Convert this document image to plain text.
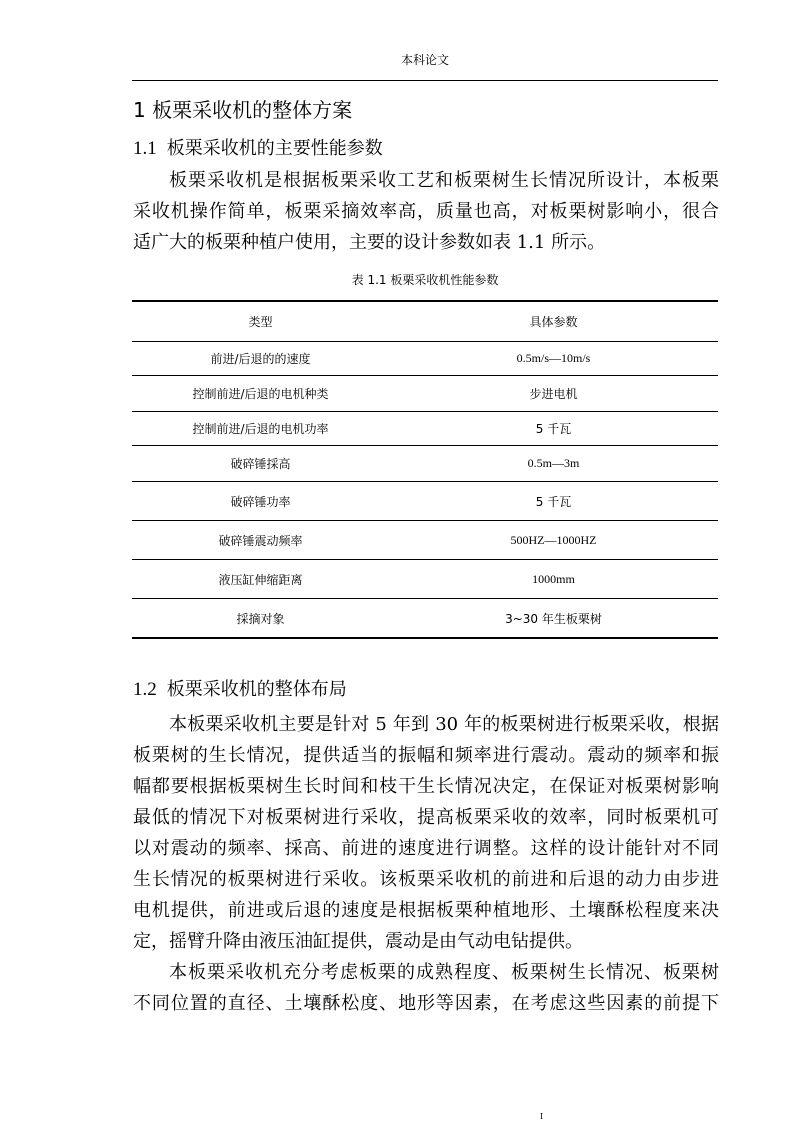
本科论文
1 板栗采收机的整体方案
1.1 板栗采收机的主要性能参数
板栗采收机是根据板栗采收工艺和板栗树生长情况所设计，本板栗
采收机操作简单，板栗采摘效率高，质量也高，对板栗树影响小，很合
适广大的板栗种植户使用，主要的设计参数如表 1.1 所示。
表 1.1 板栗采收机性能参数
类型	具体参数
前进/后退的的速度	0.5m/s—10m/s
控制前进/后退的电机种类	步进电机
控制前进/后退的电机功率	5 千瓦
破碎锤採高	0.5m—3m
破碎锤功率	5 千瓦
破碎锤震动频率	500HZ—1000HZ
液压缸伸缩距离	1000mm
採摘对象	3~30 年生板栗树
1.2 板栗采收机的整体布局
本板栗采收机主要是针对 5 年到 30 年的板栗树进行板栗采收，根据
板栗树的生长情况，提供适当的振幅和频率进行震动。震动的频率和振
幅都要根据板栗树生长时间和枝干生长情况决定，在保证对板栗树影响
最低的情况下对板栗树进行采收，提高板栗采收的效率，同时板栗机可
以对震动的频率、採高、前进的速度进行调整。这样的设计能针对不同
生长情况的板栗树进行采收。该板栗采收机的前进和后退的动力由步进
电机提供，前进或后退的速度是根据板栗种植地形、土壤酥松程度来决
定，摇臂升降由液压油缸提供，震动是由气动电钻提供。
本板栗采收机充分考虑板栗的成熟程度、板栗树生长情况、板栗树
不同位置的直径、土壤酥松度、地形等因素，在考虑这些因素的前提下
I
